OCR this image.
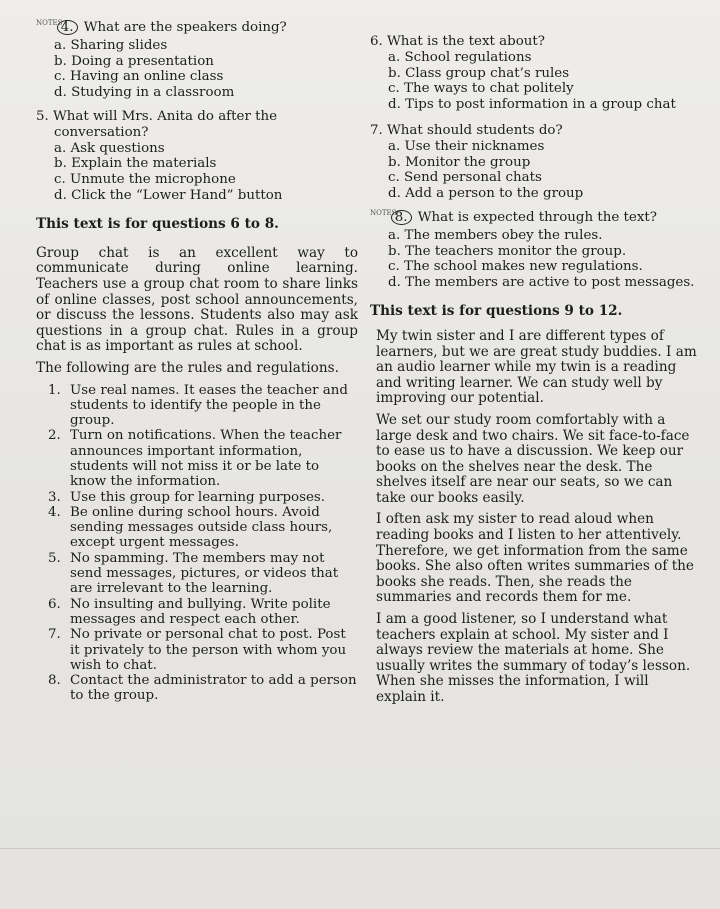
$^{NOTES}$ 4. What are the speakers doing?
a. Sharing slides
b. Doing a presentation
c. Having an online class
d. Studying in a classroom
5. What will Mrs. Anita do after the conversation?
a. Ask questions
b. Explain the materials
c. Unmute the microphone
d. Click the “Lower Hand” button
This text is for questions 6 to 8.

Group chat is an excellent way to communicate during online learning. Teachers use a group chat room to share links of online classes, post school announcements, or discuss the lessons. Students also may ask questions in a group chat. Rules in a group chat is as important as rules at school.

The following are the rules and regulations.

1. Use real names. It eases the teacher and students to identify the people in the group.
2. Turn on notifications. When the teacher announces important information, students will not miss it or be late to know the information.
3. Use this group for learning purposes.
4. Be online during school hours. Avoid sending messages outside class hours, except urgent messages.
5. No spamming. The members may not send messages, pictures, or videos that are irrelevant to the learning.
6. No insulting and bullying. Write polite messages and respect each other.
7. No private or personal chat to post. Post it privately to the person with whom you wish to chat.
8. Contact the administrator to add a person to the group.
6. What is the text about?
a. School regulations
b. Class group chat’s rules
c. The ways to chat politely
d. Tips to post information in a group chat
7. What should students do?
a. Use their nicknames
b. Monitor the group
c. Send personal chats
d. Add a person to the group
$^{NOTES}$ 8. What is expected through the text?
a. The members obey the rules.
b. The teachers monitor the group.
c. The school makes new regulations.
d. The members are active to post messages.
This text is for questions 9 to 12.

My twin sister and I are different types of learners, but we are great study buddies. I am an audio learner while my twin is a reading and writing learner. We can study well by improving our potential.

We set our study room comfortably with a large desk and two chairs. We sit face-to-face to ease us to have a discussion. We keep our books on the shelves near the desk. The shelves itself are near our seats, so we can take our books easily.

I often ask my sister to read aloud when reading books and I listen to her attentively. Therefore, we get information from the same books. She also often writes summaries of the books she reads. Then, she reads the summaries and records them for me.

I am a good listener, so I understand what teachers explain at school. My sister and I always review the materials at home. She usually writes the summary of today’s lesson. When she misses the information, I will explain it.
